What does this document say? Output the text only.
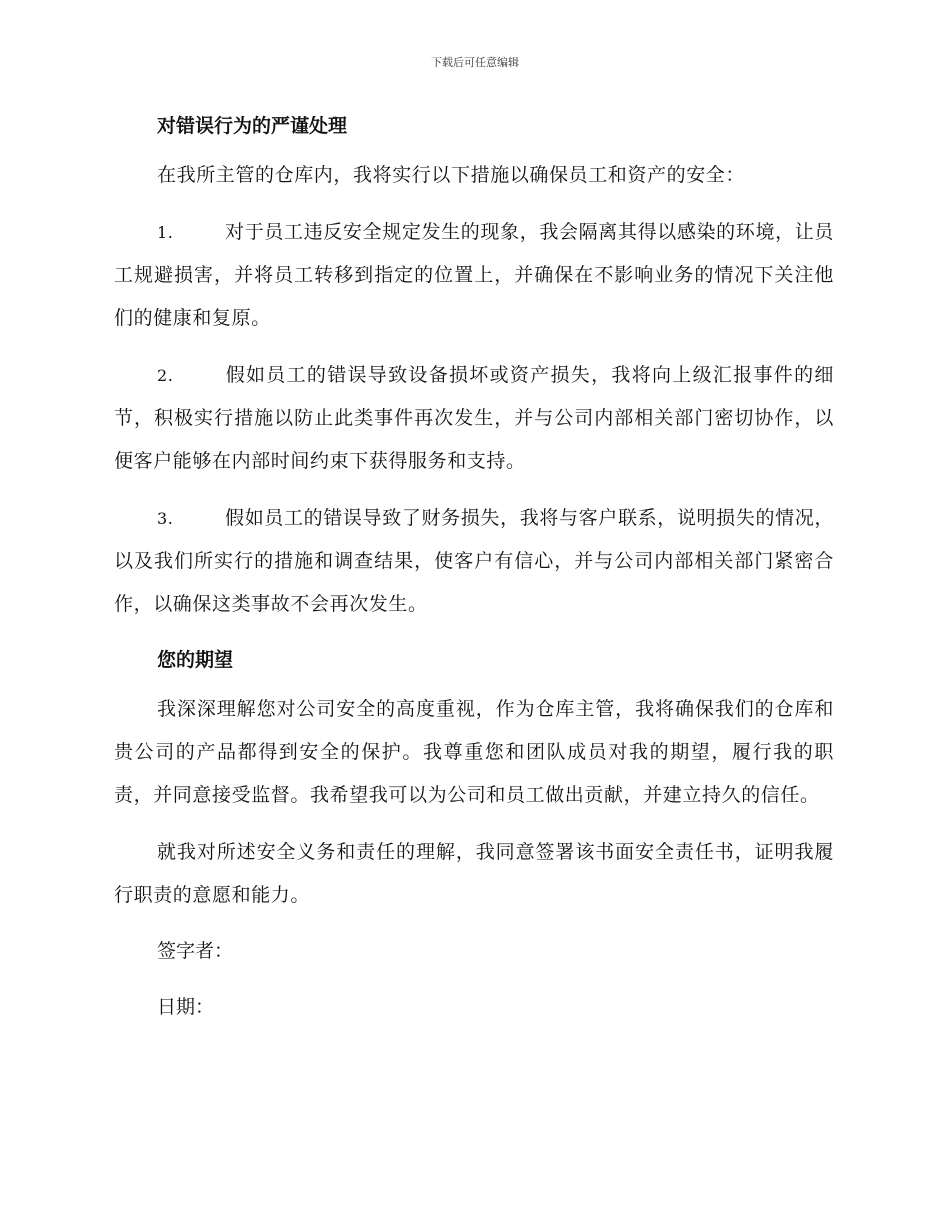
下载后可任意编辑
对错误行为的严谨处理
在我所主管的仓库内，我将实行以下措施以确保员工和资产的安全：
1.	对于员工违反安全规定发生的现象，我会隔离其得以感染的环境，让员工规避损害，并将员工转移到指定的位置上，并确保在不影响业务的情况下关注他们的健康和复原。
2.	假如员工的错误导致设备损坏或资产损失，我将向上级汇报事件的细节，积极实行措施以防止此类事件再次发生，并与公司内部相关部门密切协作，以便客户能够在内部时间约束下获得服务和支持。
3.	假如员工的错误导致了财务损失，我将与客户联系，说明损失的情况，以及我们所实行的措施和调查结果，使客户有信心，并与公司内部相关部门紧密合作，以确保这类事故不会再次发生。
您的期望
我深深理解您对公司安全的高度重视，作为仓库主管，我将确保我们的仓库和贵公司的产品都得到安全的保护。我尊重您和团队成员对我的期望，履行我的职责，并同意接受监督。我希望我可以为公司和员工做出贡献，并建立持久的信任。
就我对所述安全义务和责任的理解，我同意签署该书面安全责任书，证明我履行职责的意愿和能力。
签字者：
日期：
